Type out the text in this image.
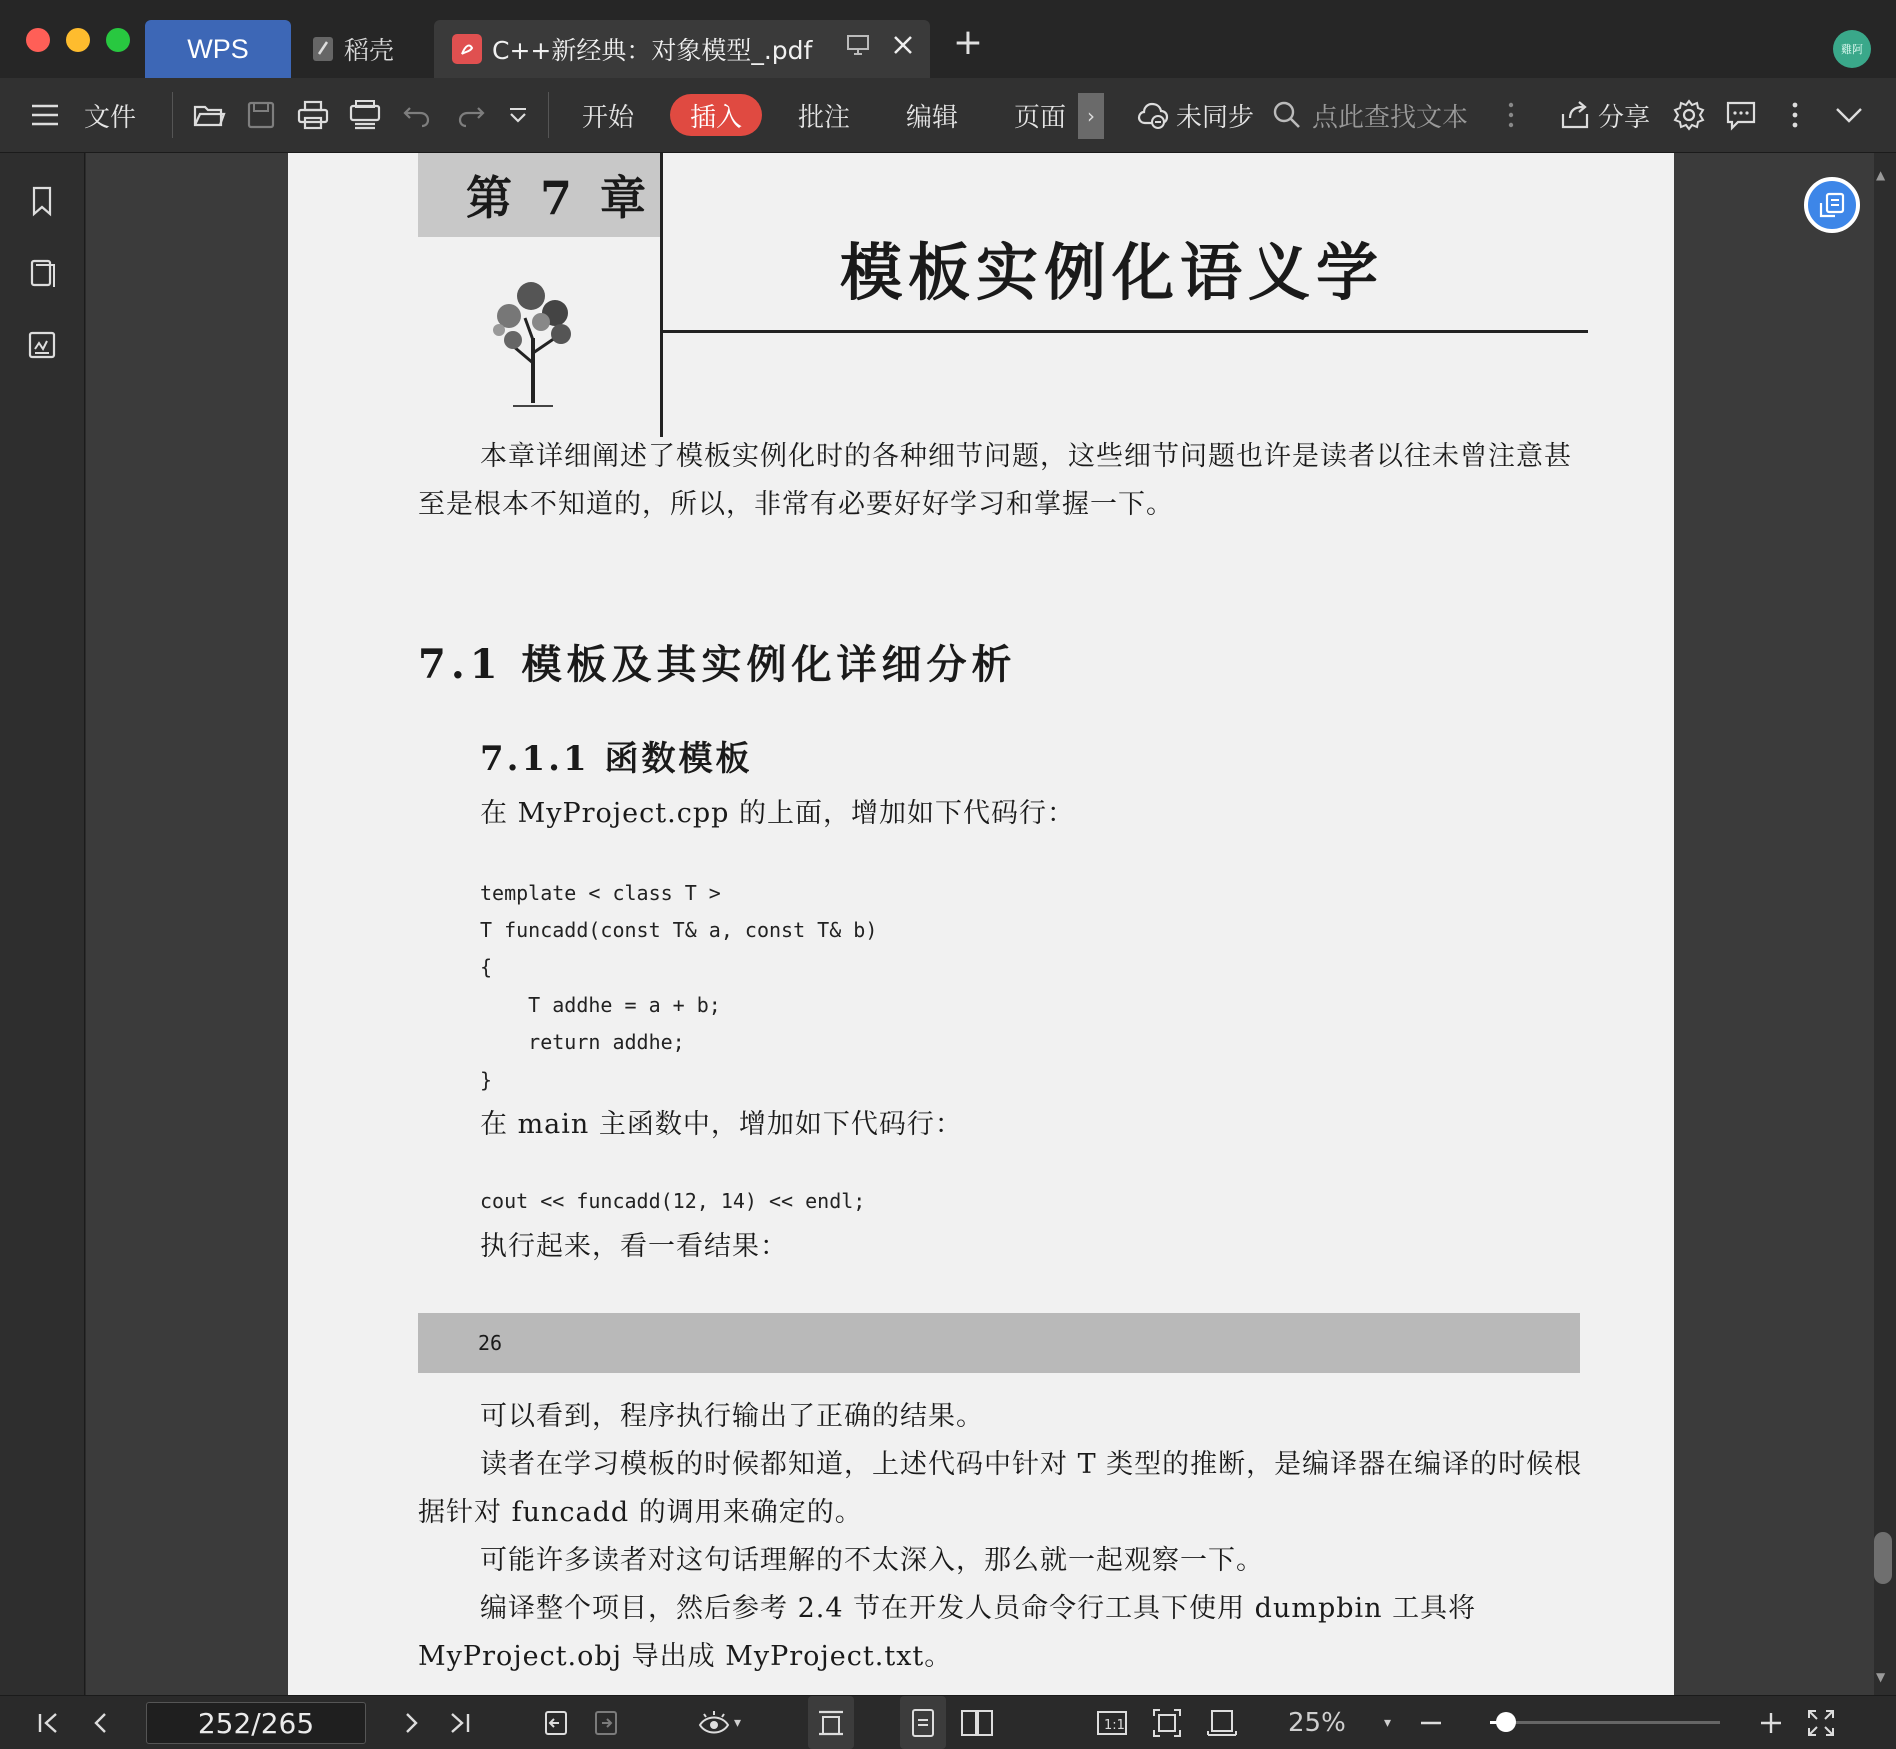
WPS	稻壳	C++新经典：对象模型_.pdf	+	雞阿
文件	开始	插入	批注 编辑 页面	›	未同步 点此查找文本	分享
第 7 章
模板实例化语义学
本章详细阐述了模板实例化时的各种细节问题，这些细节问题也许是读者以往未曾注意甚至是根本不知道的，所以，非常有必要好好学习和掌握一下。
7.1 模板及其实例化详细分析
7.1.1 函数模板
在 MyProject.cpp 的上面，增加如下代码行：
template < class T >
T funcadd(const T& a, const T& b)
{
T addhe = a + b;
return addhe;
}
在 main 主函数中，增加如下代码行：
cout << funcadd(12, 14) << endl;
执行起来，看一看结果：
26
可以看到，程序执行输出了正确的结果。
读者在学习模板的时候都知道，上述代码中针对 T 类型的推断，是编译器在编译的时候根据针对 funcadd 的调用来确定的。
可能许多读者对这句话理解的不太深入，那么就一起观察一下。
编译整个项目，然后参考 2.4 节在开发人员命令行工具下使用 dumpbin 工具将 MyProject.obj 导出成 MyProject.txt。
▲
▼
252/265	▾	1:1	25%	▾
